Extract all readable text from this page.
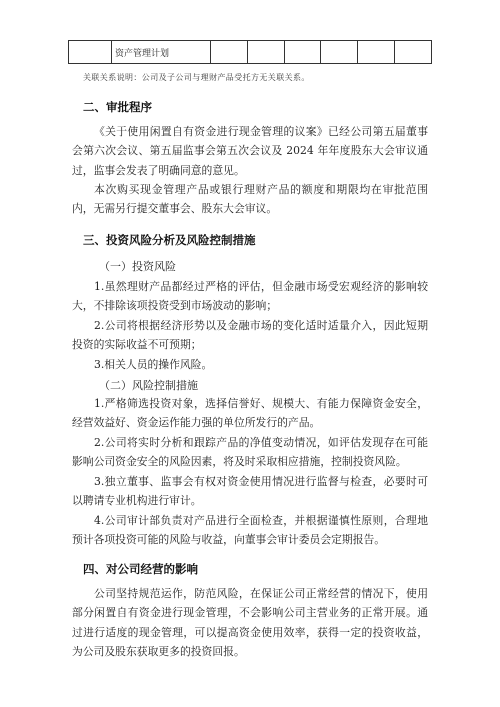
	资产管理计划						
关联关系说明：公司及子公司与理财产品受托方无关联关系。
二、审批程序
《关于使用闲置自有资金进行现金管理的议案》已经公司第五届董事会第六次会议、第五届监事会第五次会议及 2024 年年度股东大会审议通过，监事会发表了明确同意的意见。
本次购买现金管理产品或银行理财产品的额度和期限均在审批范围内，无需另行提交董事会、股东大会审议。
三、投资风险分析及风险控制措施
（一）投资风险
1.虽然理财产品都经过严格的评估，但金融市场受宏观经济的影响较大，不排除该项投资受到市场波动的影响；
2.公司将根据经济形势以及金融市场的变化适时适量介入，因此短期投资的实际收益不可预期；
3.相关人员的操作风险。
（二）风险控制措施
1.严格筛选投资对象，选择信誉好、规模大、有能力保障资金安全，经营效益好、资金运作能力强的单位所发行的产品。
2.公司将实时分析和跟踪产品的净值变动情况，如评估发现存在可能影响公司资金安全的风险因素，将及时采取相应措施，控制投资风险。
3.独立董事、监事会有权对资金使用情况进行监督与检查，必要时可以聘请专业机构进行审计。
4.公司审计部负责对产品进行全面检查，并根据谨慎性原则，合理地预计各项投资可能的风险与收益，向董事会审计委员会定期报告。
四、对公司经营的影响
公司坚持规范运作，防范风险，在保证公司正常经营的情况下，使用部分闲置自有资金进行现金管理，不会影响公司主营业务的正常开展。通过进行适度的现金管理，可以提高资金使用效率，获得一定的投资收益，为公司及股东获取更多的投资回报。
